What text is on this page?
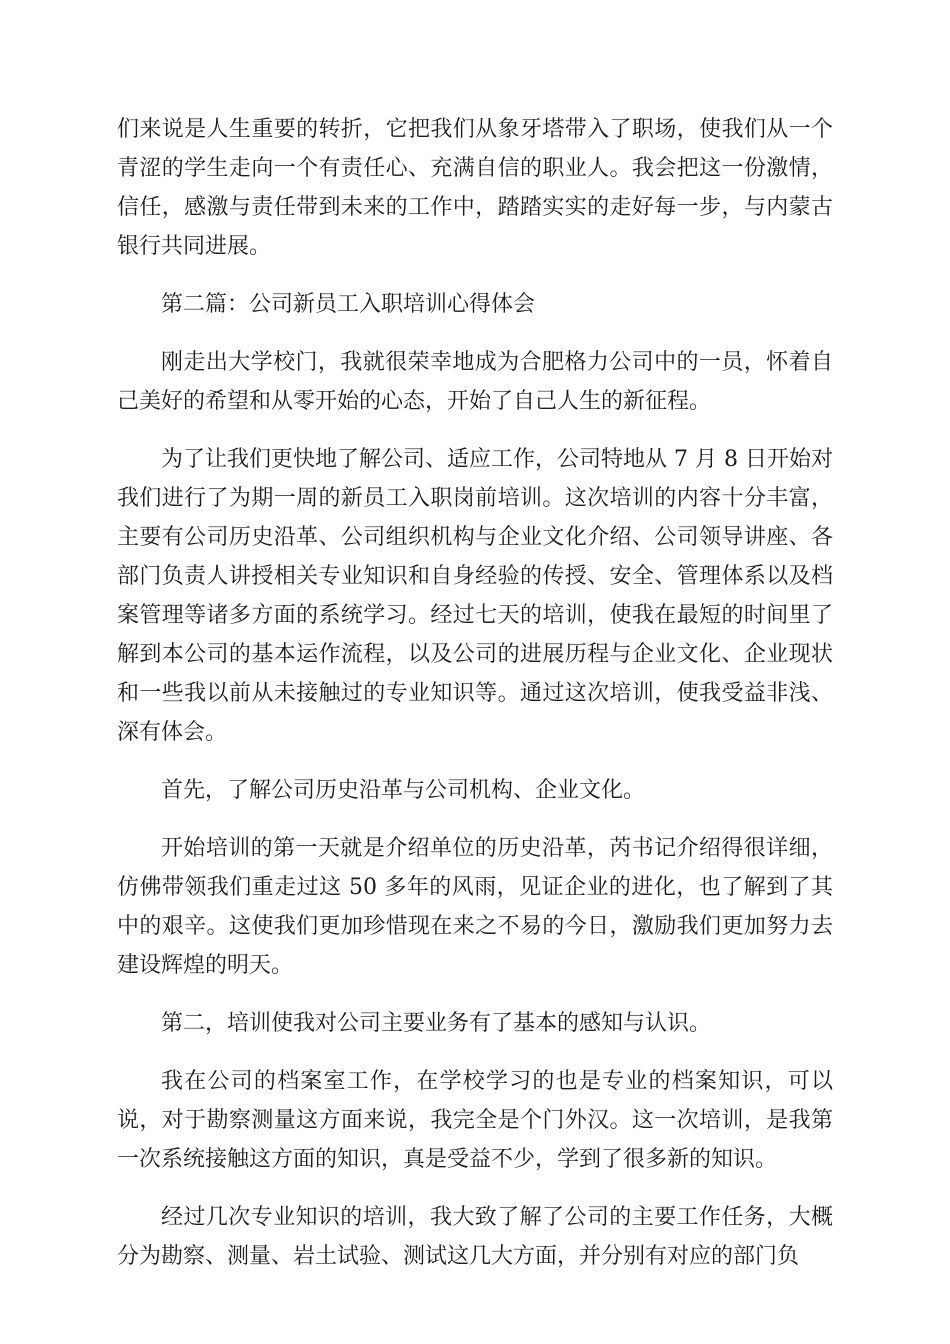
们来说是人生重要的转折，它把我们从象牙塔带入了职场，使我们从一个青涩的学生走向一个有责任心、充满自信的职业人。我会把这一份激情，信任，感激与责任带到未来的工作中，踏踏实实的走好每一步，与内蒙古银行共同进展。

第二篇：公司新员工入职培训心得体会

刚走出大学校门，我就很荣幸地成为合肥格力公司中的一员，怀着自己美好的希望和从零开始的心态，开始了自己人生的新征程。

为了让我们更快地了解公司、适应工作，公司特地从 7 月 8 日开始对我们进行了为期一周的新员工入职岗前培训。这次培训的内容十分丰富，主要有公司历史沿革、公司组织机构与企业文化介绍、公司领导讲座、各部门负责人讲授相关专业知识和自身经验的传授、安全、管理体系以及档案管理等诸多方面的系统学习。经过七天的培训，使我在最短的时间里了解到本公司的基本运作流程，以及公司的进展历程与企业文化、企业现状和一些我以前从未接触过的专业知识等。通过这次培训，使我受益非浅、深有体会。

首先，了解公司历史沿革与公司机构、企业文化。

开始培训的第一天就是介绍单位的历史沿革，芮书记介绍得很详细，仿佛带领我们重走过这 50 多年的风雨，见证企业的进化，也了解到了其中的艰辛。这使我们更加珍惜现在来之不易的今日，激励我们更加努力去建设辉煌的明天。

第二，培训使我对公司主要业务有了基本的感知与认识。

我在公司的档案室工作，在学校学习的也是专业的档案知识，可以说，对于勘察测量这方面来说，我完全是个门外汉。这一次培训，是我第一次系统接触这方面的知识，真是受益不少，学到了很多新的知识。

经过几次专业知识的培训，我大致了解了公司的主要工作任务，大概分为勘察、测量、岩土试验、测试这几大方面，并分别有对应的部门负
